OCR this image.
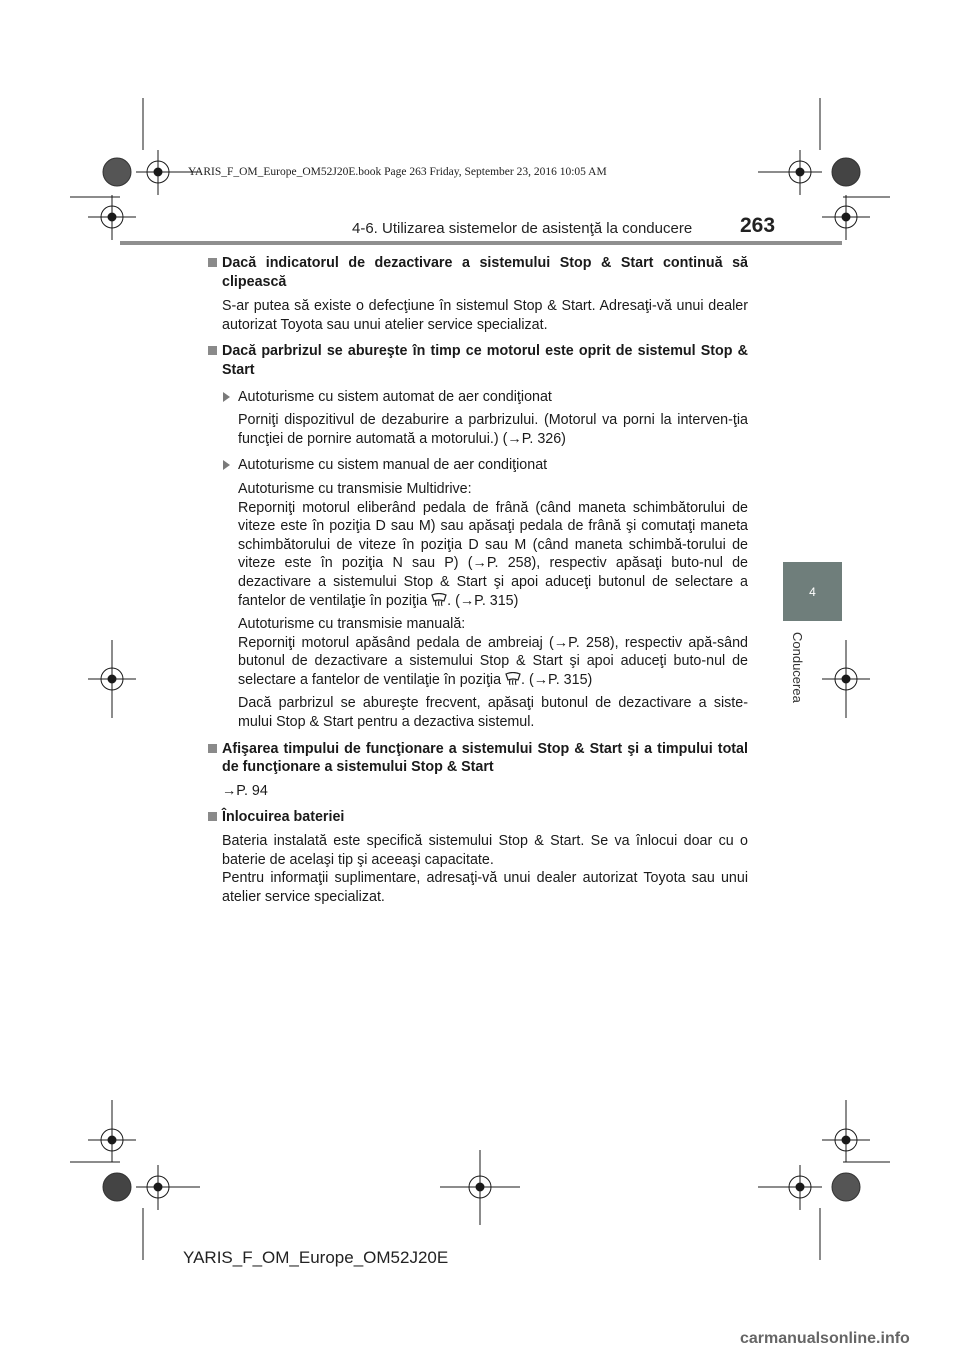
YARIS_F_OM_Europe_OM52J20E.book Page 263 Friday, September 23, 2016 10:05 AM
4-6. Utilizarea sistemelor de asistenţă la conducere 263
4
Conducerea
Dacă indicatorul de dezactivare a sistemului Stop & Start continuă să clipească
S-ar putea să existe o defecţiune în sistemul Stop & Start. Adresaţi-vă unui dealer autorizat Toyota sau unui atelier service specializat.
Dacă parbrizul se abureşte în timp ce motorul este oprit de sistemul Stop & Start
Autoturisme cu sistem automat de aer condiţionat
Porniţi dispozitivul de dezaburire a parbrizului. (Motorul va porni la interven-ţia funcţiei de pornire automată a motorului.) (→P. 326)
Autoturisme cu sistem manual de aer condiţionat
Autoturisme cu transmisie Multidrive:
Reporniţi motorul eliberând pedala de frână (când maneta schimbătorului de viteze este în poziţia D sau M) sau apăsaţi pedala de frână şi comutaţi maneta schimbătorului de viteze în poziţia D sau M (când maneta schimbă-torului de viteze este în poziţia N sau P) (→P. 258), respectiv apăsaţi buto-nul de dezactivare a sistemului Stop & Start şi apoi aduceţi butonul de selectare a fantelor de ventilaţie în poziţia . (→P. 315)
Autoturisme cu transmisie manuală:
Reporniţi motorul apăsând pedala de ambreiaj (→P. 258), respectiv apă-sând butonul de dezactivare a sistemului Stop & Start şi apoi aduceţi buto-nul de selectare a fantelor de ventilaţie în poziţia . (→P. 315)
Dacă parbrizul se abureşte frecvent, apăsaţi butonul de dezactivare a siste-mului Stop & Start pentru a dezactiva sistemul.
Afişarea timpului de funcţionare a sistemului Stop & Start şi a timpului total de funcţionare a sistemului Stop & Start
→P. 94
Înlocuirea bateriei
Bateria instalată este specifică sistemului Stop & Start. Se va înlocui doar cu o baterie de acelaşi tip şi aceeaşi capacitate.
Pentru informaţii suplimentare, adresaţi-vă unui dealer autorizat Toyota sau unui atelier service specializat.
YARIS_F_OM_Europe_OM52J20E
carmanualsonline.info
